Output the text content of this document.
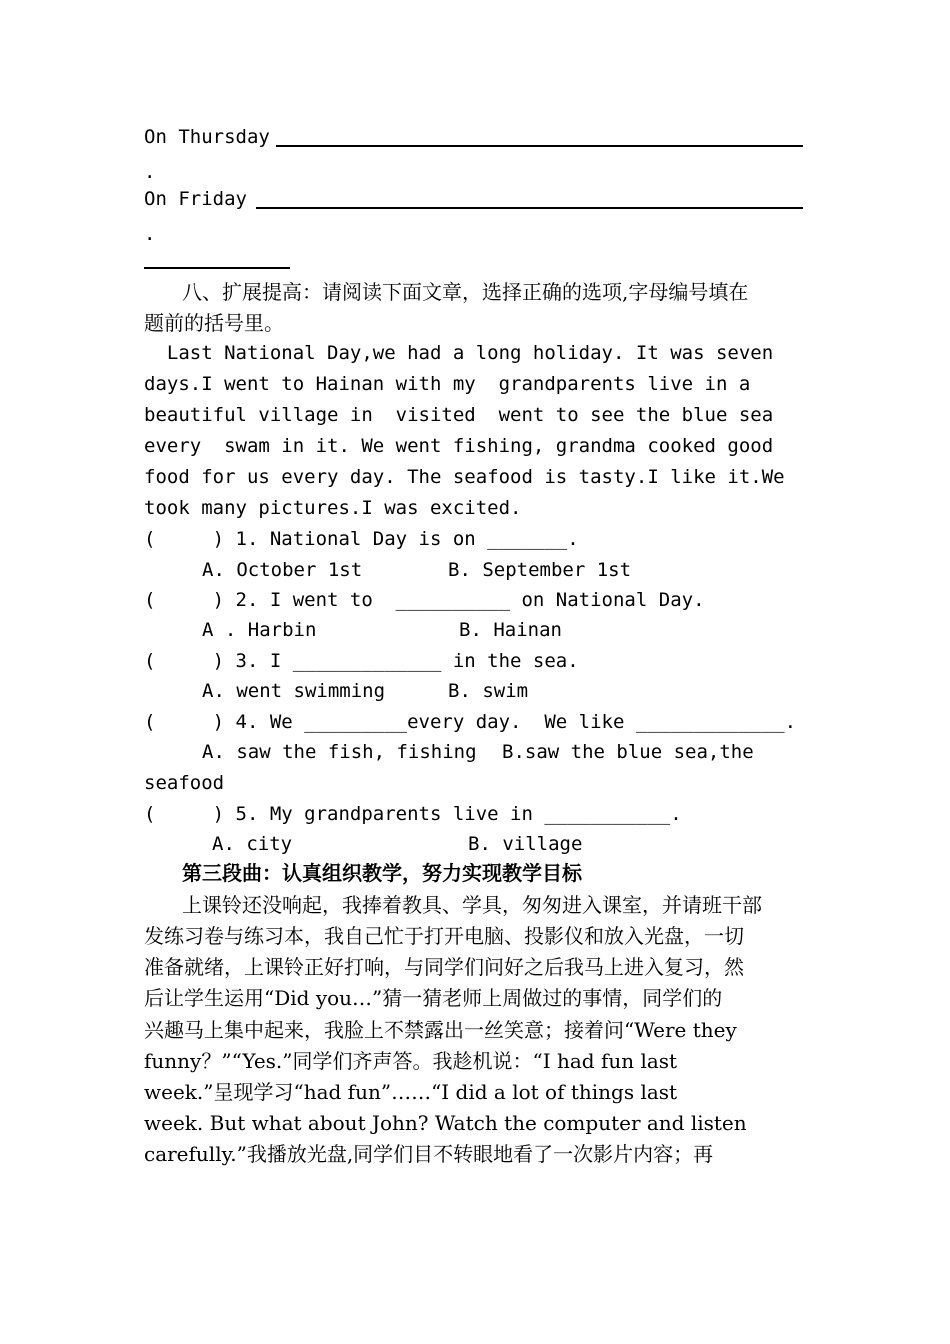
On Thursday
.
On Friday
.
八、扩展提高：请阅读下面文章，选择正确的选项,字母编号填在
题前的括号里。
Last National Day,we had a long holiday. It was seven
days.I went to Hainan with my  grandparents live in a
beautiful village in  visited  went to see the blue sea
every  swam in it. We went fishing, grandma cooked good
food for us every day. The seafood is tasty.I like it.We
took many pictures.I was excited.
(     ) 1. National Day is on _______.
A. October 1st	B. September 1st
(     ) 2. I went to  __________ on National Day.
A . Harbin	B. Hainan
(     ) 3. I _____________ in the sea.
A. went swimming	B. swim
(     ) 4. We _________every day.  We like _____________.
A. saw the fish, fishing B.saw the blue sea,the
seafood
(     ) 5. My grandparents live in ___________.
A. city	B. village
第三段曲：认真组织教学，努力实现教学目标
上课铃还没响起，我捧着教具、学具，匆匆进入课室，并请班干部
发练习卷与练习本，我自己忙于打开电脑、投影仪和放入光盘，一切
准备就绪，上课铃正好打响，与同学们问好之后我马上进入复习，然
后让学生运用“Did you…”猜一猜老师上周做过的事情，同学们的
兴趣马上集中起来，我脸上不禁露出一丝笑意；接着问“Were they
funny？”“Yes.”同学们齐声答。我趁机说：“I had fun last
week.”呈现学习“had fun”……“I did a lot of things last
week. But what about John? Watch the computer and listen
carefully.”我播放光盘,同学们目不转眼地看了一次影片内容；再
